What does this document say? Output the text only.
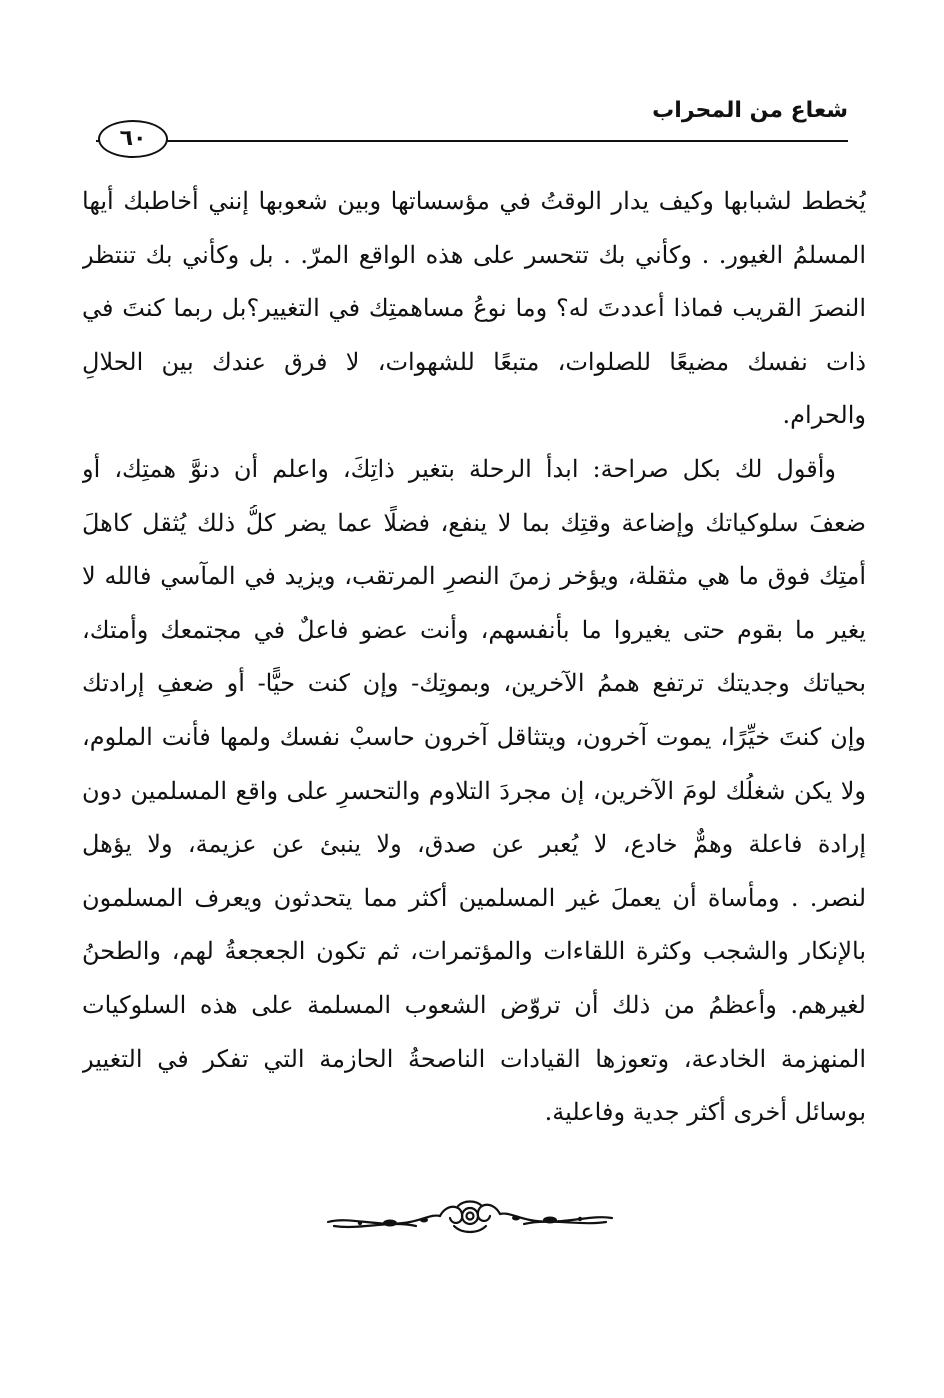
شعاع من المحراب
٦٠
يُخطط لشبابها وكيف يدار الوقتُ في مؤسساتها وبين شعوبها إنني أخاطبك أيها
المسلمُ الغيور. . وكأني بك تتحسر على هذه الواقع المرّ. . بل وكأني بك تنتظر
النصرَ القريب فماذا أعددتَ له؟ وما نوعُ مساهمتِك في التغيير؟بل ربما كنتَ في
ذات نفسك مضيعًا للصلوات، متبعًا للشهوات، لا فرق عندك بين الحلالِ
والحرام.
وأقول لك بكل صراحة: ابدأ الرحلة بتغير ذاتِكَ، واعلم أن دنوَّ همتِك، أو
ضعفَ سلوكياتك وإضاعة وقتِك بما لا ينفع، فضلًا عما يضر كلُّ ذلك يُثقل كاهلَ
أمتِك فوق ما هي مثقلة، ويؤخر زمنَ النصرِ المرتقب، ويزيد في المآسي فالله لا
يغير ما بقوم حتى يغيروا ما بأنفسهم، وأنت عضو فاعلٌ في مجتمعك وأمتك،
بحياتك وجديتك ترتفع هممُ الآخرين، وبموتِك- وإن كنت حيًّا- أو ضعفِ إرادتك
وإن كنتَ خيِّرًا، يموت آخرون، ويتثاقل آخرون حاسبْ نفسك ولمها فأنت الملوم،
ولا يكن شغلُك لومَ الآخرين، إن مجردَ التلاوم والتحسرِ على واقع المسلمين دون
إرادة فاعلة وهمٌّ خادع، لا يُعبر عن صدق، ولا ينبئ عن عزيمة، ولا يؤهل
لنصر. . ومأساة أن يعملَ غير المسلمين أكثر مما يتحدثون ويعرف المسلمون
بالإنكار والشجب وكثرة اللقاءات والمؤتمرات، ثم تكون الجعجعةُ لهم، والطحنُ
لغيرهم. وأعظمُ من ذلك أن تروّض الشعوب المسلمة على هذه السلوكيات
المنهزمة الخادعة، وتعوزها القيادات الناصحةُ الحازمة التي تفكر في التغيير
بوسائل أخرى أكثر جدية وفاعلية.
